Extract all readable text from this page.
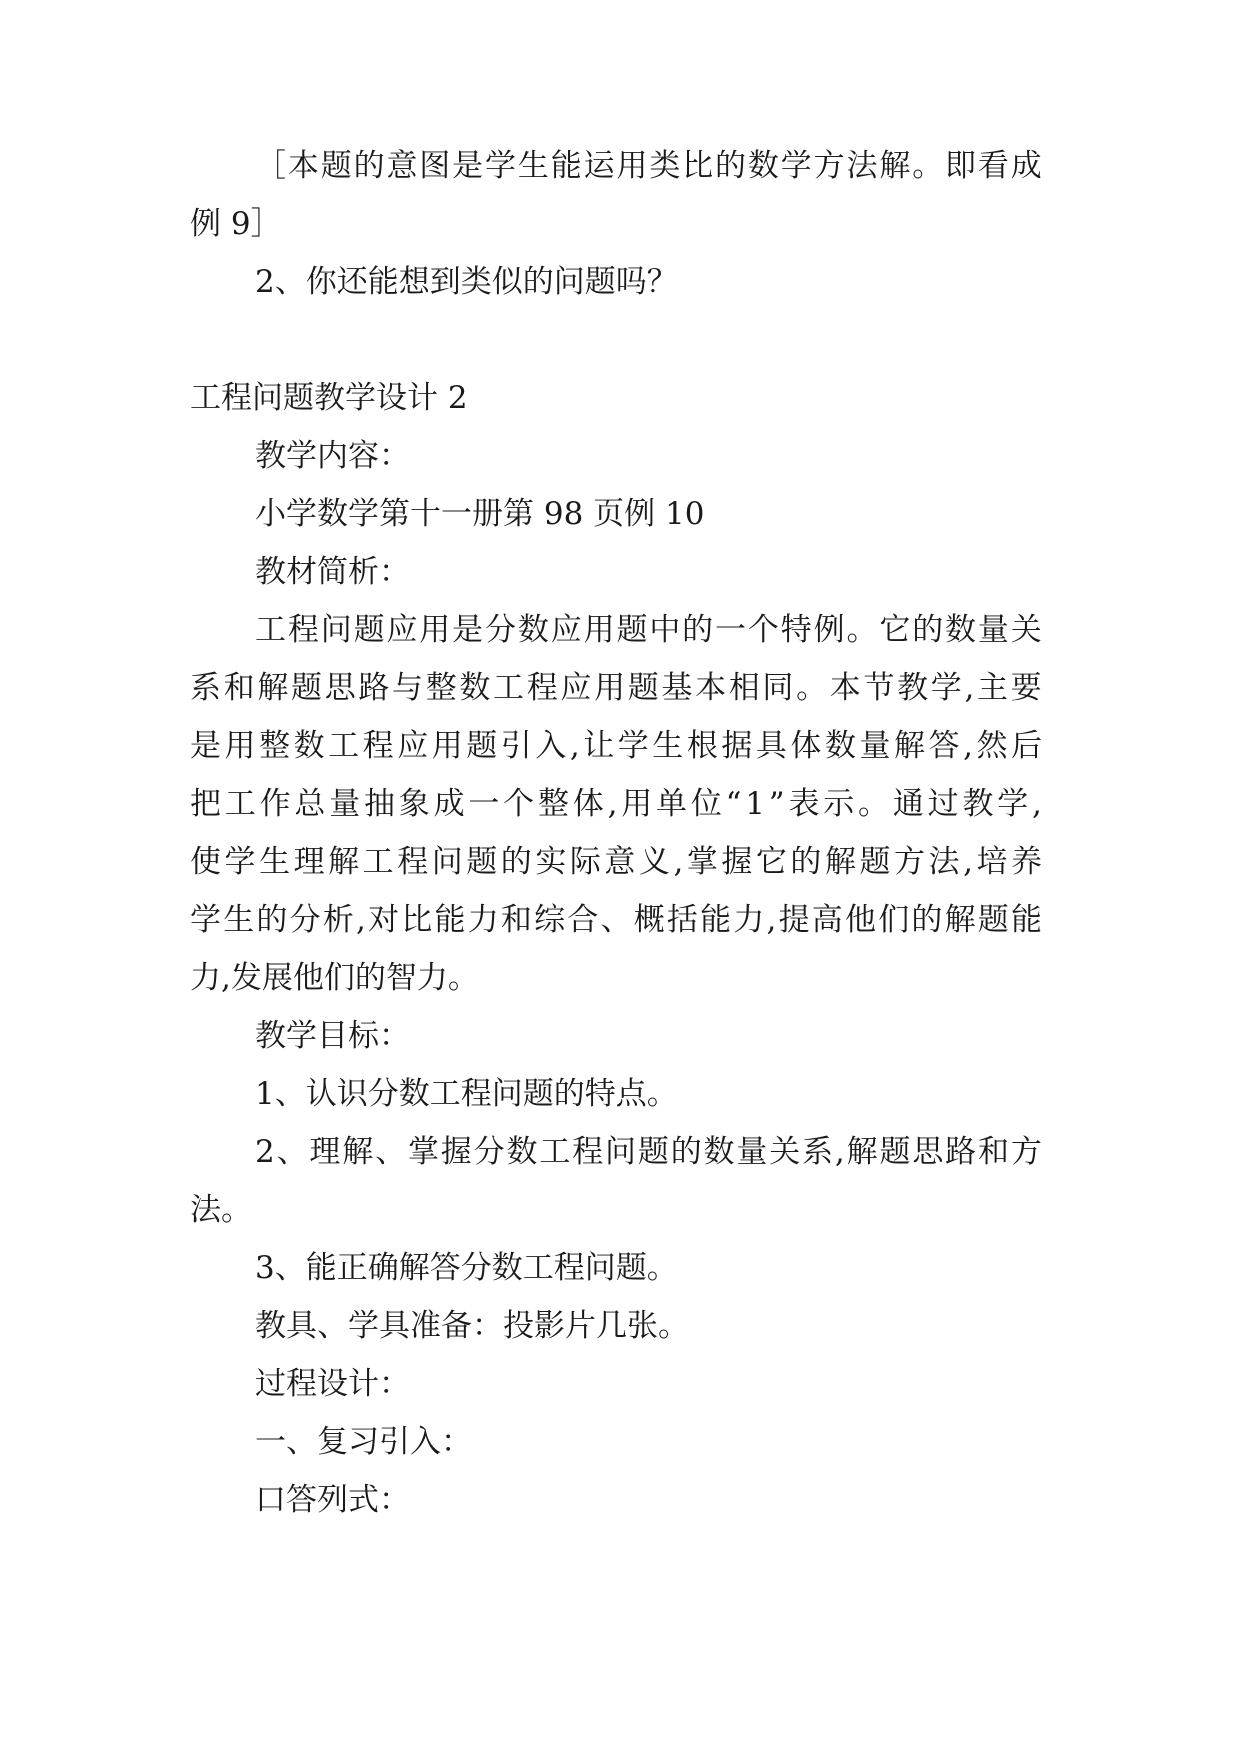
［ 本 题 的 意 图 是 学 生 能 运 用 类 比 的 数 学 方 法 解 。 即 看 成
例 9］
2、你还能想到类似的问题吗？
工程问题教学设计 2
教学内容：
小学数学第十一册第 98 页例 10
教材简析：
工 程 问 题 应 用 是 分 数 应 用 题 中 的 一 个 特 例 。 它 的 数 量 关
系 和 解 题 思 路 与 整 数 工 程 应 用 题 基 本 相 同 。 本 节 教 学 , 主 要
是 用 整 数 工 程 应 用 题 引 入 , 让 学 生 根 据 具 体 数 量 解 答 , 然 后
把 工 作 总 量 抽 象 成 一 个 整 体 , 用 单 位 “ 1 ” 表 示 。 通 过 教 学 ,
使 学 生 理 解 工 程 问 题 的 实 际 意 义 , 掌 握 它 的 解 题 方 法 , 培 养
学 生 的 分 析 , 对 比 能 力 和 综 合 、 概 括 能 力 , 提 高 他 们 的 解 题 能
力,发展他们的智力。
教学目标：
1、认识分数工程问题的特点。
2 、 理 解 、 掌 握 分 数 工 程 问 题 的 数 量 关 系 , 解 题 思 路 和 方
法。
3、能正确解答分数工程问题。
教具、学具准备：投影片几张。
过程设计：
一、复习引入：
口答列式：
